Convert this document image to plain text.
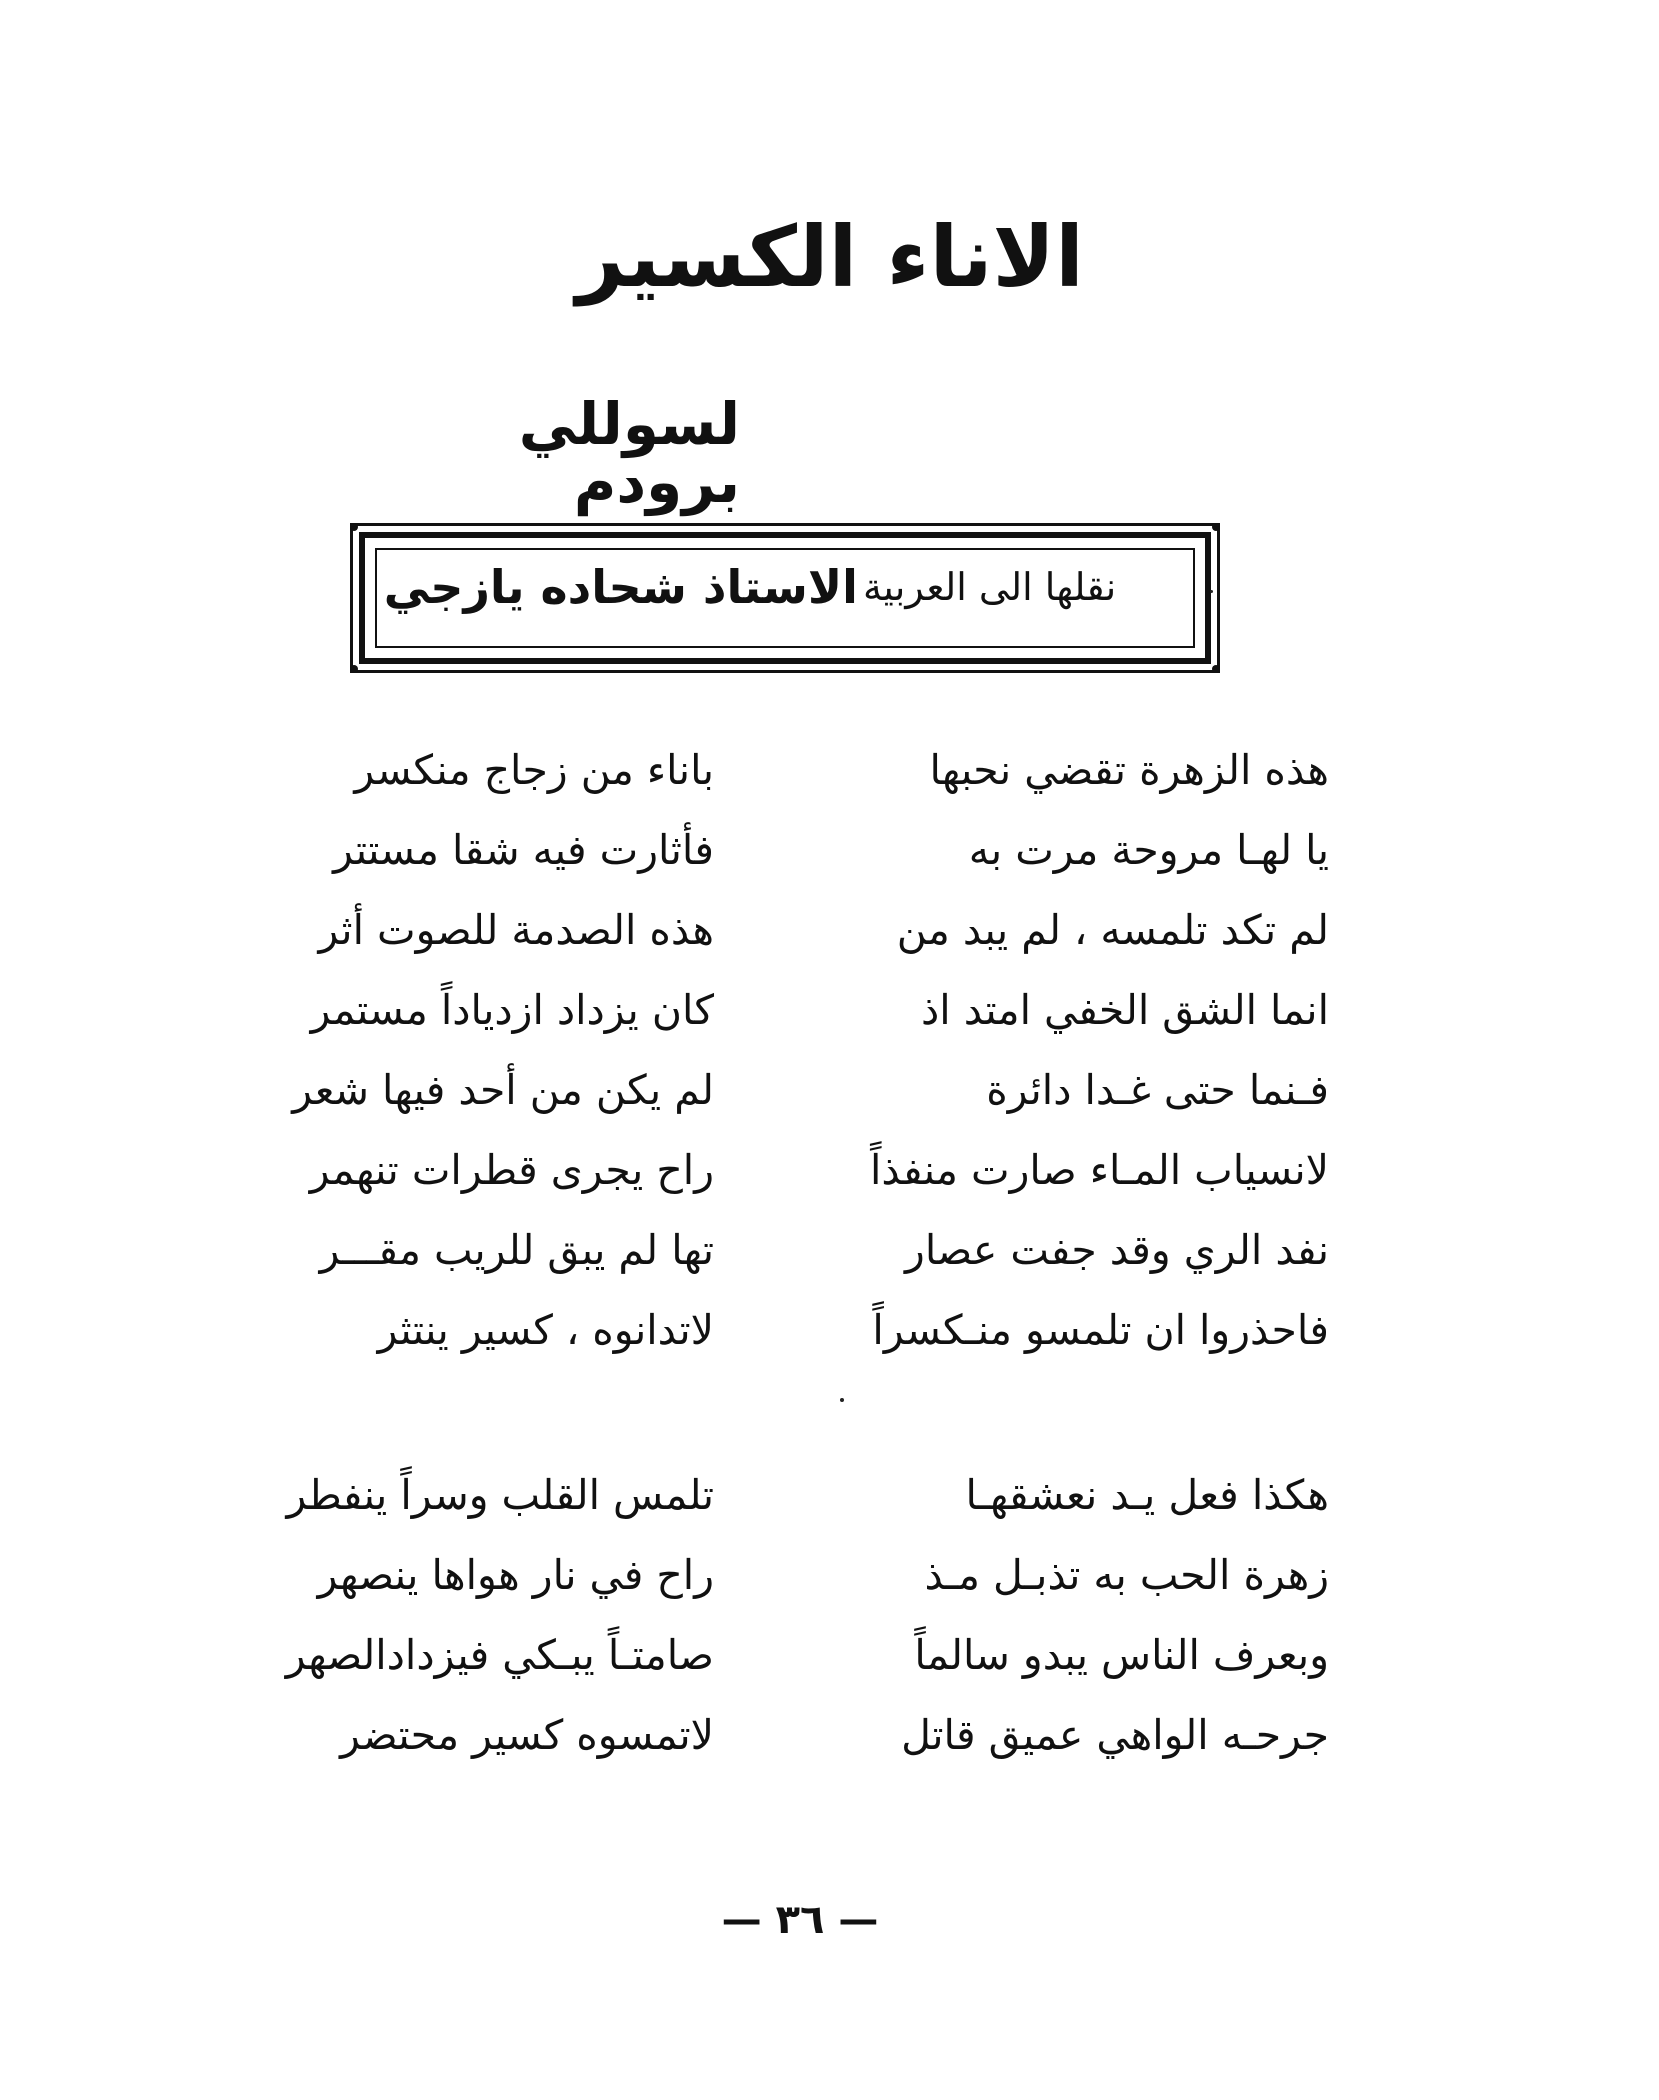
الاناء الكسير
لسوللي برودم
نقلها الى العربية الاستاذ شحاده يازجي
هذه الزهرة تقضي نحبها
يا لهـا مروحة مرت به
لم تكد تلمسه ، لم يبد من
انما الشق الخفي امتد اذ
فـنما حتى غـدا دائرة
لانسياب المـاء صارت منفذاً
نفد الري وقد جفت عصار
فاحذروا ان تلمسو منـكسراً
باناء من زجاج منكسر
فأثارت فيه شقا مستتر
هذه الصدمة للصوت أثر
كان يزداد ازدياداً مستمر
لم يكن من أحد فيها شعر
راح يجرى قطرات تنهمر
تها لم يبق للريب مقـــر
لاتدانوه ، كسير ينتثر
هكذا فعل يـد نعشقهـا
زهرة الحب به تذبـل مـذ
وبعرف الناس يبدو سالماً
جرحـه الواهي عميق قاتل
تلمس القلب وسراً ينفطر
راح في نار هواها ينصهر
صامتـاً يبـكي فيزدادالصهر
لاتمسوه كسير محتضر
— ٣٦ —
